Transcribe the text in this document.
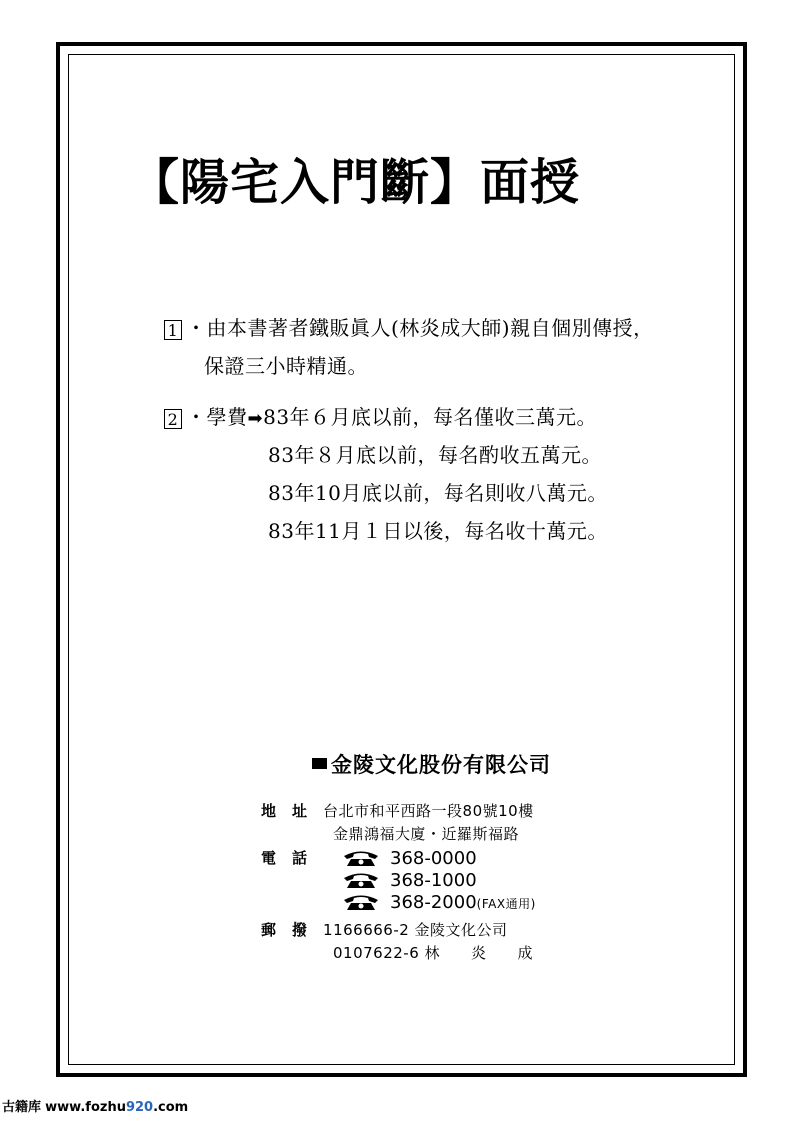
【陽宅入門斷】面授
1 ・由本書著者鐵販眞人(林炎成大師)親自個別傳授，
保證三小時精通。
2 ・學費➡83年６月底以前，每名僅收三萬元。
83年８月底以前，每名酌收五萬元。
83年10月底以前，每名則收八萬元。
83年11月１日以後，每名收十萬元。
金陵文化股份有限公司
地　址　 台北市和平西路一段80號10樓
金鼎鴻福大廈・近羅斯福路
電　話	368-0000
368-1000
368-2000(FAX通用)
郵　撥　 1166666-2 金陵文化公司
0107622-6 林　　炎　　成
古籍库 www.fozhu920.com
